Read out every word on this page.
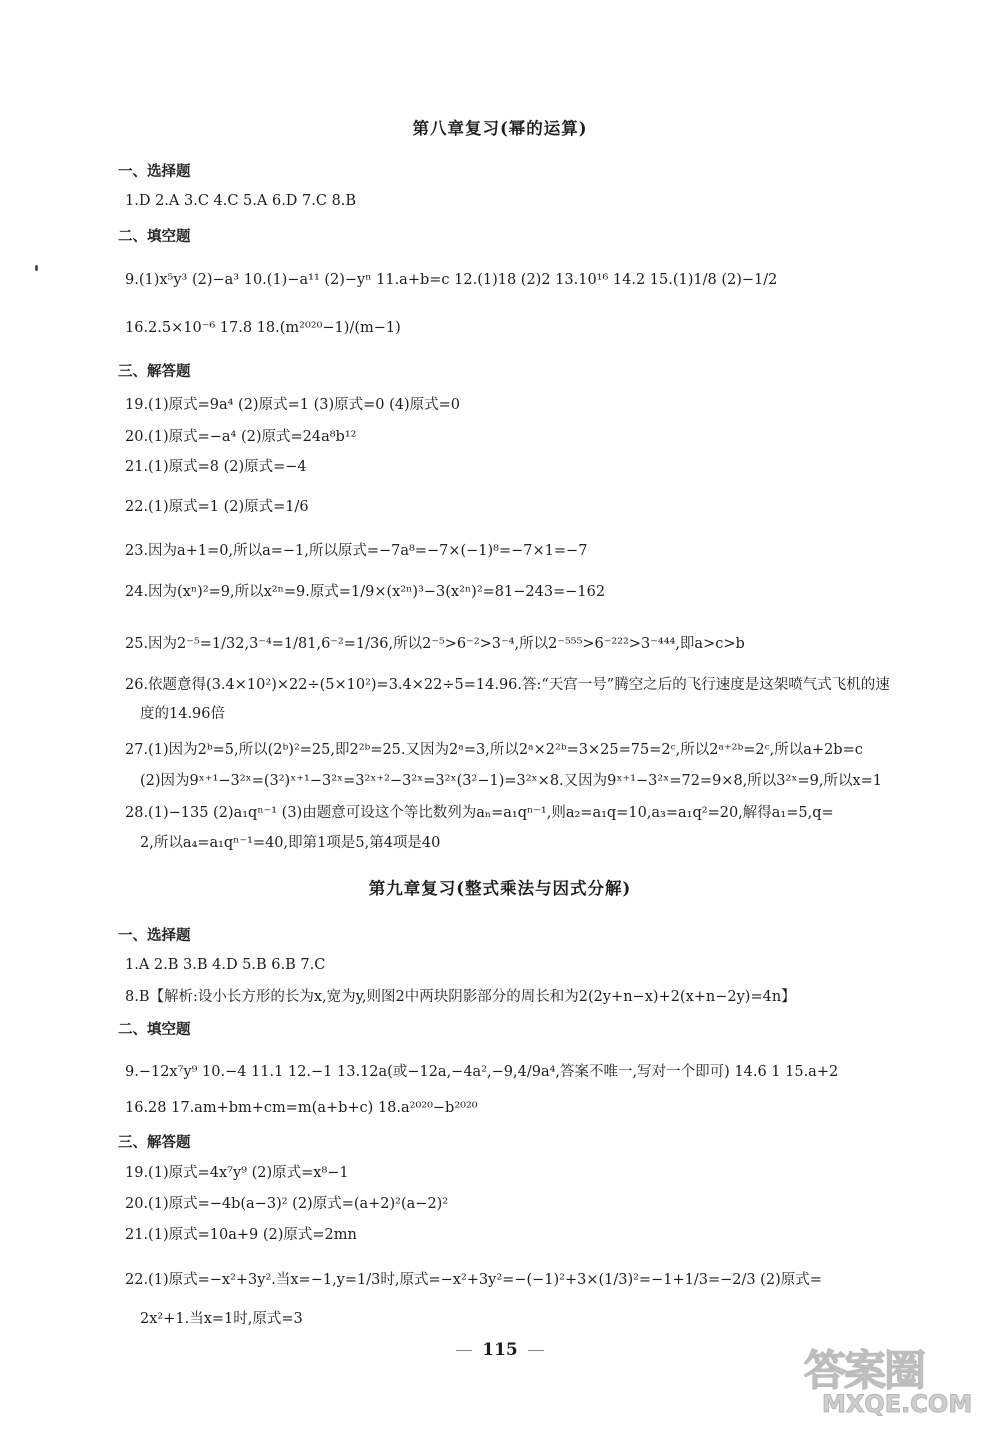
第八章复习(幂的运算)
一、选择题
1.D 2.A 3.C 4.C 5.A 6.D 7.C 8.B
二、填空题
9.(1)x⁵y³ (2)−a³ 10.(1)−a¹¹ (2)−yⁿ 11.a+b=c 12.(1)18 (2)2 13.10¹⁶ 14.2 15.(1)1/8 (2)−1/2
16.2.5×10⁻⁶ 17.8 18.(m²⁰²⁰−1)/(m−1)
三、解答题
19.(1)原式=9a⁴ (2)原式=1 (3)原式=0 (4)原式=0
20.(1)原式=−a⁴ (2)原式=24a⁸b¹²
21.(1)原式=8 (2)原式=−4
22.(1)原式=1 (2)原式=1/6
23.因为a+1=0,所以a=−1,所以原式=−7a⁸=−7×(−1)⁸=−7×1=−7
24.因为(xⁿ)²=9,所以x²ⁿ=9.原式=1/9×(x²ⁿ)³−3(x²ⁿ)²=81−243=−162
25.因为2⁻⁵=1/32,3⁻⁴=1/81,6⁻²=1/36,所以2⁻⁵>6⁻²>3⁻⁴,所以2⁻⁵⁵⁵>6⁻²²²>3⁻⁴⁴⁴,即a>c>b
26.依题意得(3.4×10²)×22÷(5×10²)=3.4×22÷5=14.96.答:“天宫一号”腾空之后的飞行速度是这架喷气式飞机的速
度的14.96倍
27.(1)因为2ᵇ=5,所以(2ᵇ)²=25,即2²ᵇ=25.又因为2ᵃ=3,所以2ᵃ×2²ᵇ=3×25=75=2ᶜ,所以2ᵃ⁺²ᵇ=2ᶜ,所以a+2b=c
(2)因为9ˣ⁺¹−3²ˣ=(3²)ˣ⁺¹−3²ˣ=3²ˣ⁺²−3²ˣ=3²ˣ(3²−1)=3²ˣ×8.又因为9ˣ⁺¹−3²ˣ=72=9×8,所以3²ˣ=9,所以x=1
28.(1)−135 (2)a₁qⁿ⁻¹ (3)由题意可设这个等比数列为aₙ=a₁qⁿ⁻¹,则a₂=a₁q=10,a₃=a₁q²=20,解得a₁=5,q=
2,所以a₄=a₁qⁿ⁻¹=40,即第1项是5,第4项是40
第九章复习(整式乘法与因式分解)
一、选择题
1.A 2.B 3.B 4.D 5.B 6.B 7.C
8.B【解析:设小长方形的长为x,宽为y,则图2中两块阴影部分的周长和为2(2y+n−x)+2(x+n−2y)=4n】
二、填空题
9.−12x⁷y⁹ 10.−4 11.1 12.−1 13.12a(或−12a,−4a²,−9,4/9a⁴,答案不唯一,写对一个即可) 14.6 1 15.a+2
16.28 17.am+bm+cm=m(a+b+c) 18.a²⁰²⁰−b²⁰²⁰
三、解答题
19.(1)原式=4x⁷y⁹ (2)原式=x⁸−1
20.(1)原式=−4b(a−3)² (2)原式=(a+2)²(a−2)²
21.(1)原式=10a+9 (2)原式=2mn
22.(1)原式=−x²+3y².当x=−1,y=1/3时,原式=−x²+3y²=−(−1)²+3×(1/3)²=−1+1/3=−2/3 (2)原式=
2x²+1.当x=1时,原式=3
115	答案圈
MXQE.COM
